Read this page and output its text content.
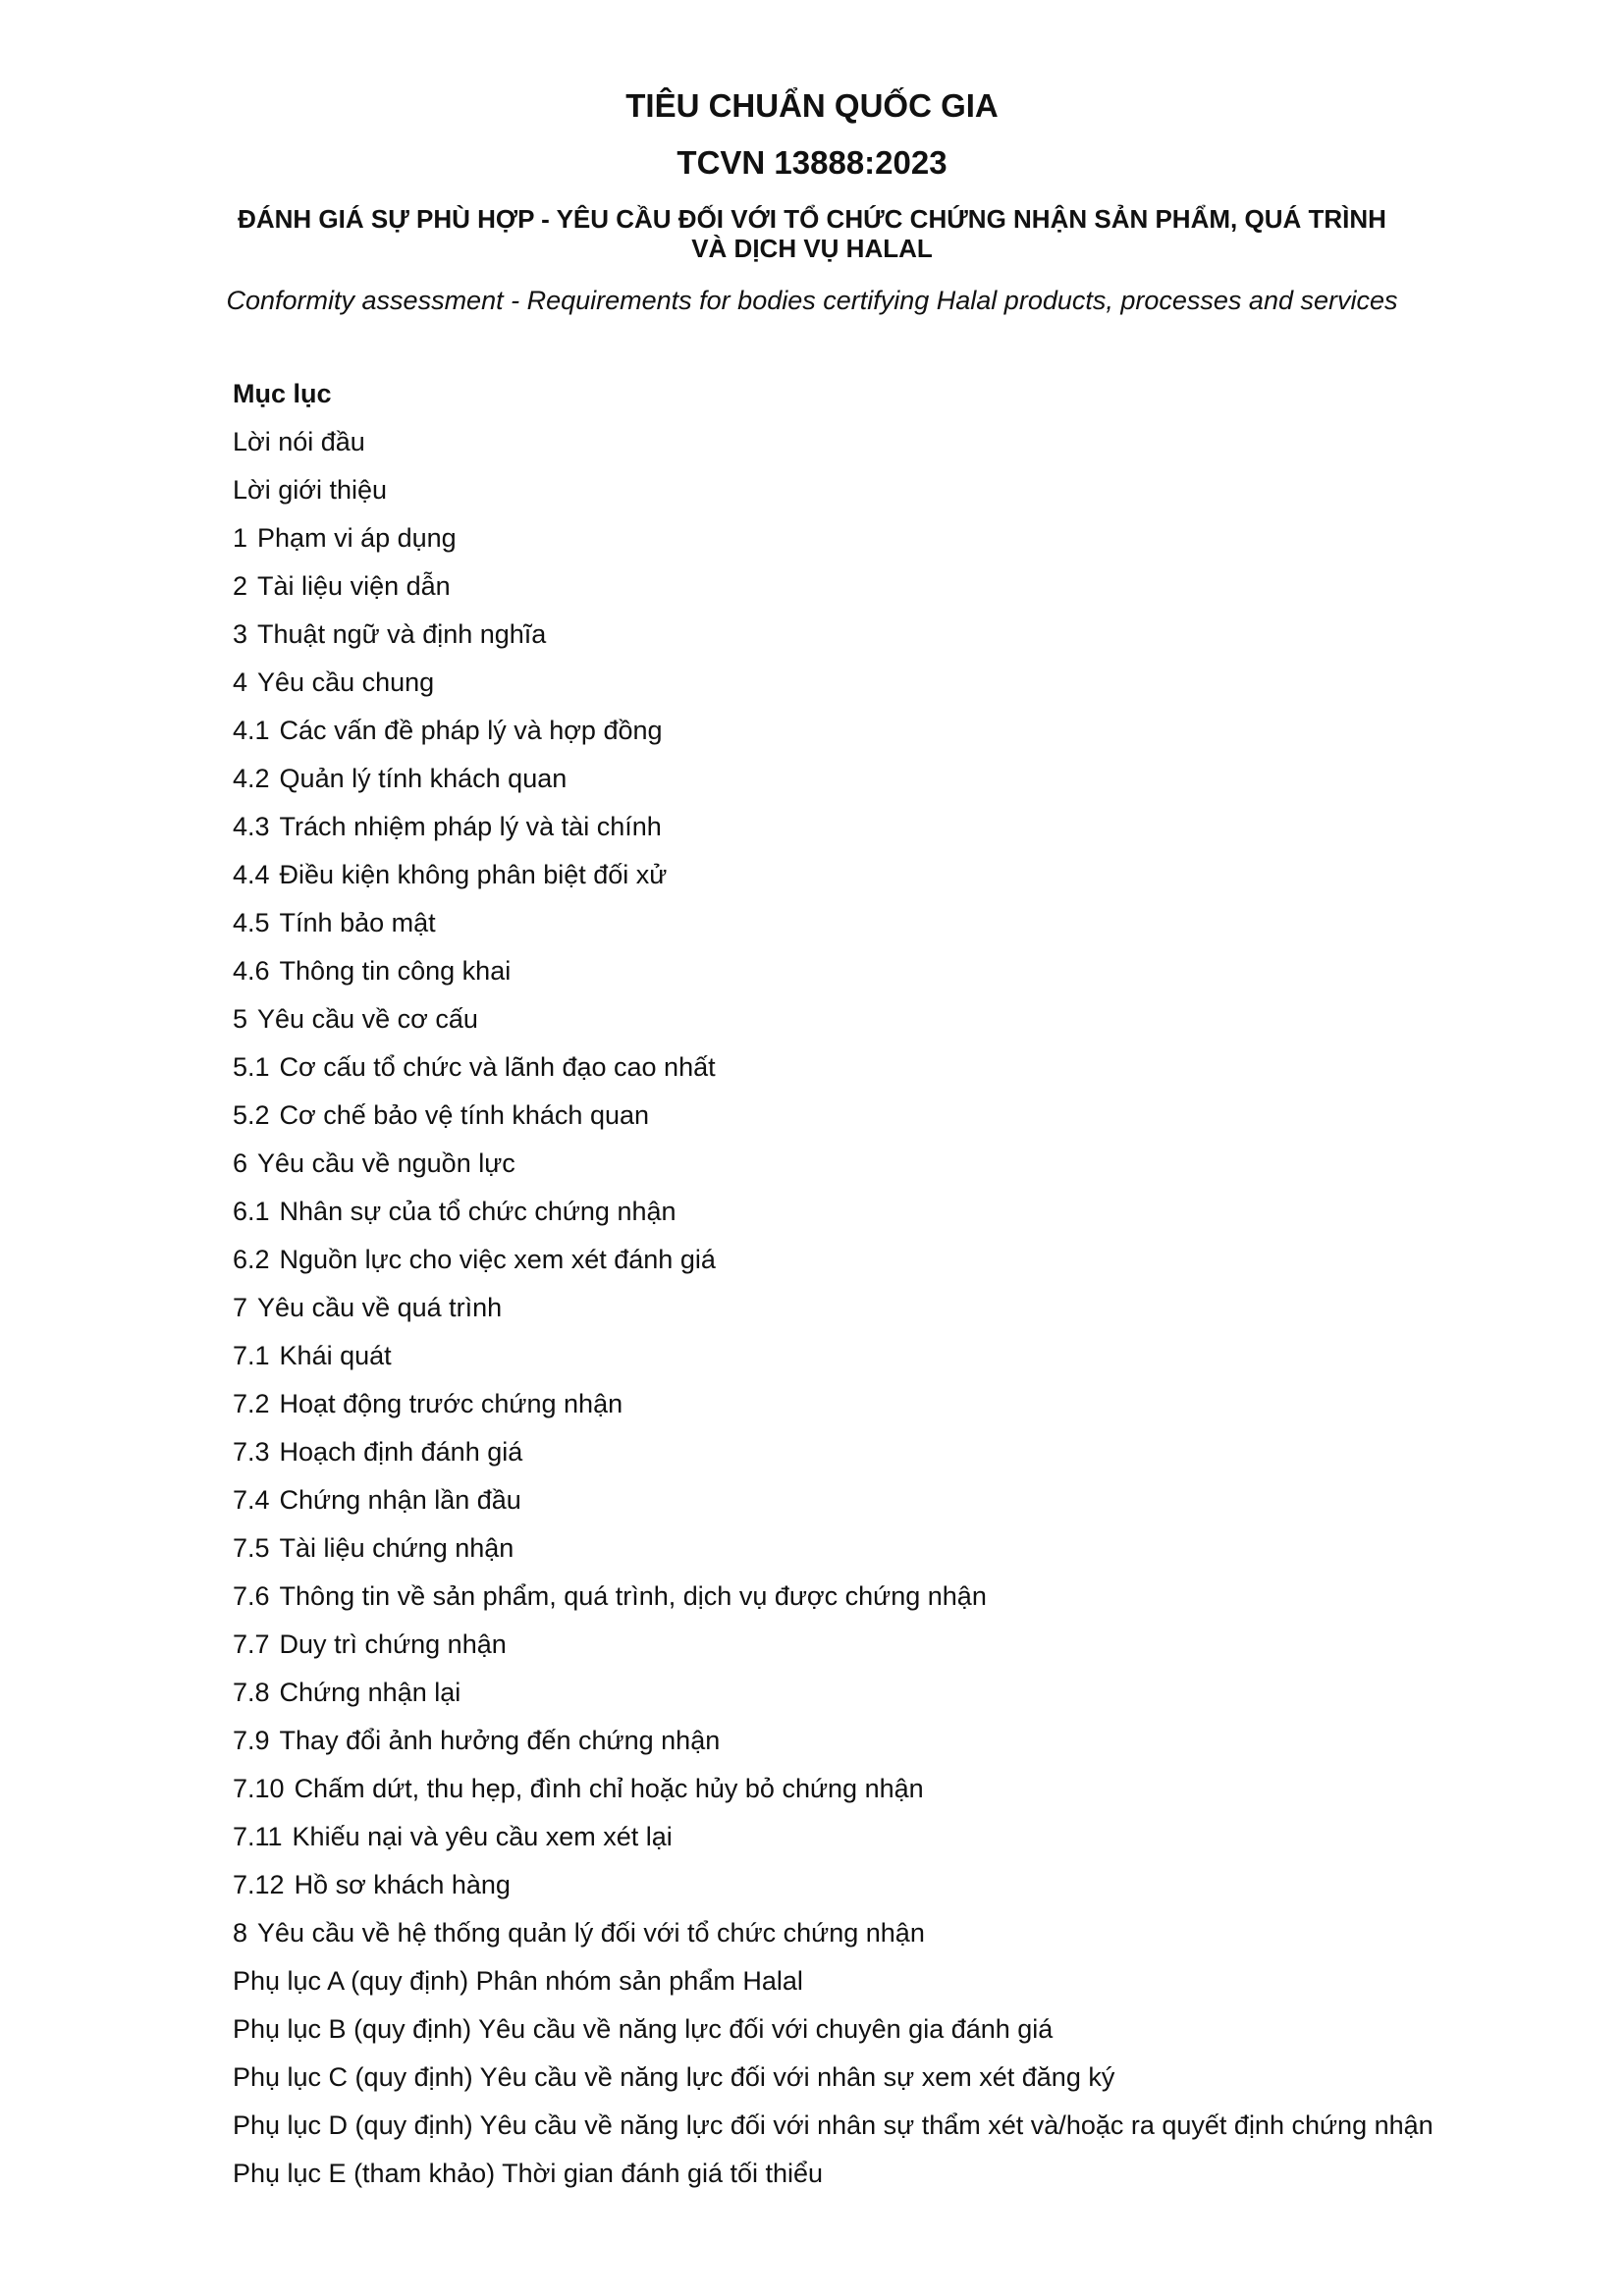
TIÊU CHUẨN QUỐC GIA
TCVN 13888:2023
ĐÁNH GIÁ SỰ PHÙ HỢP - YÊU CẦU ĐỐI VỚI TỔ CHỨC CHỨNG NHẬN SẢN PHẨM, QUÁ TRÌNH
VÀ DỊCH VỤ HALAL

Conformity assessment - Requirements for bodies certifying Halal products, processes and services

Mục lục

Lời nói đầu
Lời giới thiệu
1 Phạm vi áp dụng
2 Tài liệu viện dẫn
3 Thuật ngữ và định nghĩa
4 Yêu cầu chung
4.1 Các vấn đề pháp lý và hợp đồng
4.2 Quản lý tính khách quan
4.3 Trách nhiệm pháp lý và tài chính
4.4 Điều kiện không phân biệt đối xử
4.5 Tính bảo mật
4.6 Thông tin công khai
5 Yêu cầu về cơ cấu
5.1 Cơ cấu tổ chức và lãnh đạo cao nhất
5.2 Cơ chế bảo vệ tính khách quan
6 Yêu cầu về nguồn lực
6.1 Nhân sự của tổ chức chứng nhận
6.2 Nguồn lực cho việc xem xét đánh giá
7 Yêu cầu về quá trình
7.1 Khái quát
7.2 Hoạt động trước chứng nhận
7.3 Hoạch định đánh giá
7.4 Chứng nhận lần đầu
7.5 Tài liệu chứng nhận
7.6 Thông tin về sản phẩm, quá trình, dịch vụ được chứng nhận
7.7 Duy trì chứng nhận
7.8 Chứng nhận lại
7.9 Thay đổi ảnh hưởng đến chứng nhận
7.10 Chấm dứt, thu hẹp, đình chỉ hoặc hủy bỏ chứng nhận
7.11 Khiếu nại và yêu cầu xem xét lại
7.12 Hồ sơ khách hàng
8 Yêu cầu về hệ thống quản lý đối với tổ chức chứng nhận
Phụ lục A (quy định) Phân nhóm sản phẩm Halal
Phụ lục B (quy định) Yêu cầu về năng lực đối với chuyên gia đánh giá
Phụ lục C (quy định) Yêu cầu về năng lực đối với nhân sự xem xét đăng ký
Phụ lục D (quy định) Yêu cầu về năng lực đối với nhân sự thẩm xét và/hoặc ra quyết định chứng nhận
Phụ lục E (tham khảo) Thời gian đánh giá tối thiểu
